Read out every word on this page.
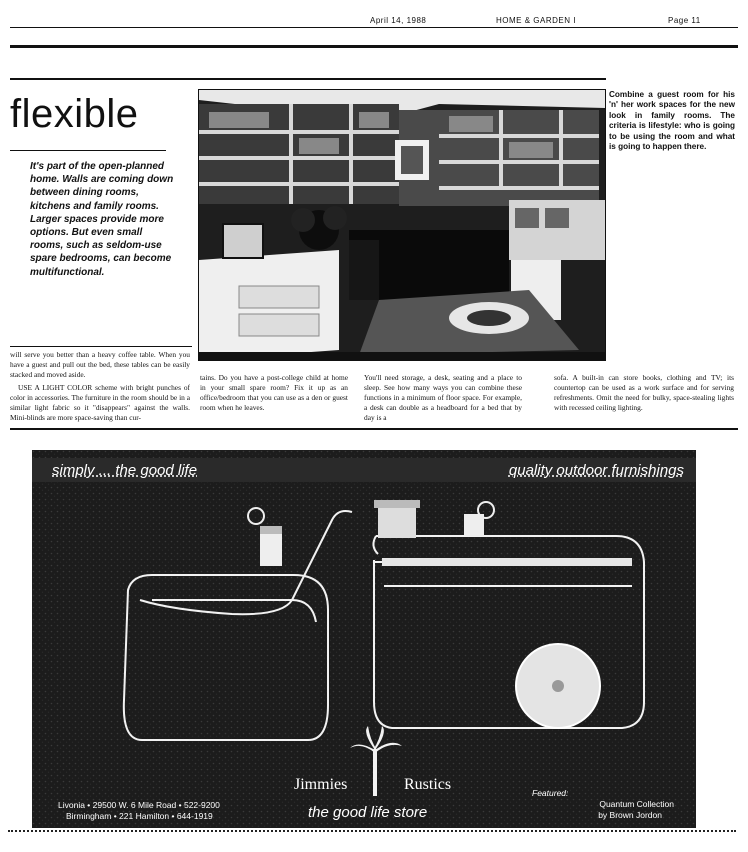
April 14, 1988	HOME & GARDEN I	Page 11
flexible
It's part of the open-planned home. Walls are coming down between dining rooms, kitchens and family rooms. Larger spaces provide more options. But even small rooms, such as seldom-use spare bedrooms, can become multifunctional.
will serve you better than a heavy coffee table. When you have a guest and pull out the bed, these tables can be easily stacked and moved aside.
USE A LIGHT COLOR scheme with bright punches of color in accessories. The furniture in the room should be in a similar light fabric so it "disappears" against the walls. Mini-blinds are more space-saving than cur-
tains. Do you have a post-college child at home in your small spare room? Fix it up as an office/bedroom that you can use as a den or guest room when he leaves.
You'll need storage, a desk, seating and a place to sleep. See how many ways you can combine these functions in a minimum of floor space. For example, a desk can double as a headboard for a bed that by day is a
sofa. A built-in can store books, clothing and TV; its countertop can be used as a work surface and for serving refreshments. Omit the need for bulky, space-stealing lights with recessed ceiling lighting.
Combine a guest room for his 'n' her work spaces for the new look in family rooms. The criteria is lifestyle: who is going to be using the room and what is going to happen there.
simply ... the good life	quality outdoor furnishings
Livonia • 29500 W. 6 Mile Road • 522-9200
Birmingham • 221 Hamilton • 644-1919
Jimmies	Rustics
the good life store
Featured:
Quantum Collection
by Brown Jordon
